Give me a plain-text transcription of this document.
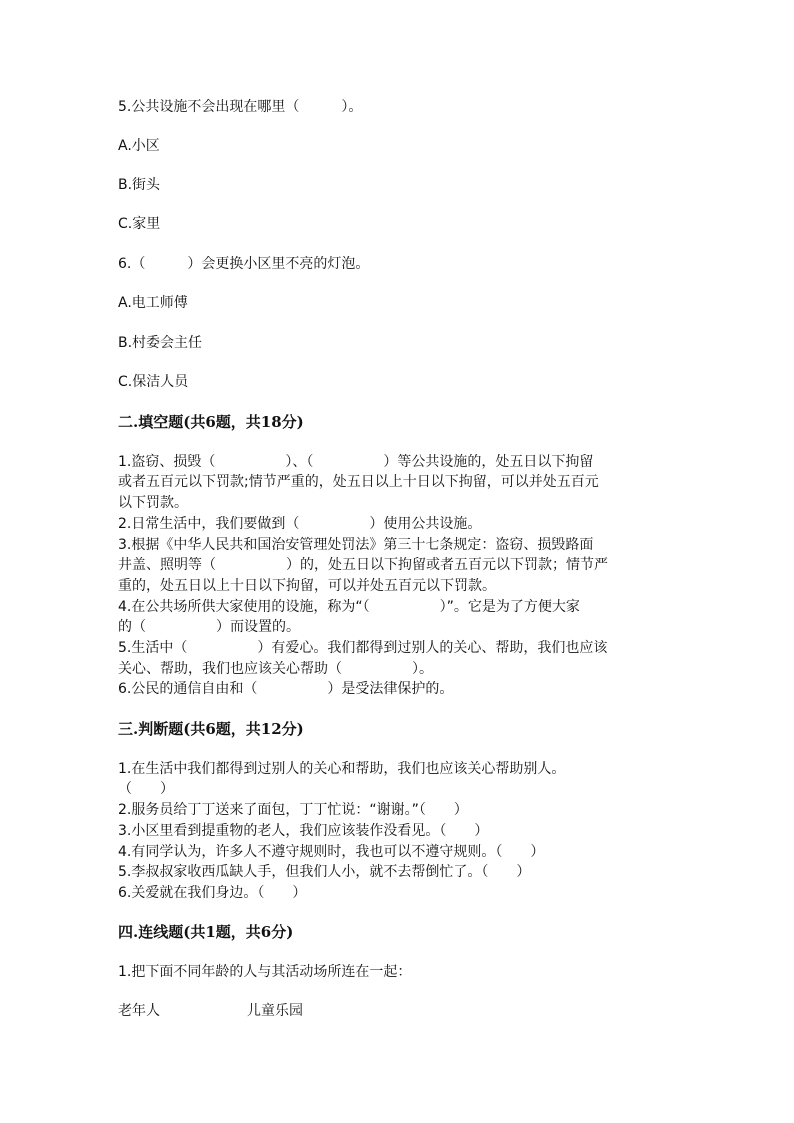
5.公共设施不会出现在哪里（　　　）。
A.小区
B.街头
C.家里
6.（　　　）会更换小区里不亮的灯泡。
A.电工师傅
B.村委会主任
C.保洁人员
二.填空题(共6题，共18分)
1.盗窃、损毁（　　　　　）、（　　　　　）等公共设施的，处五日以下拘留
或者五百元以下罚款;情节严重的，处五日以上十日以下拘留，可以并处五百元
以下罚款。
2.日常生活中，我们要做到（　　　　　）使用公共设施。
3.根据《中华人民共和国治安管理处罚法》第三十七条规定：盗窃、损毁路面
井盖、照明等（　　　　　）的，处五日以下拘留或者五百元以下罚款；情节严
重的，处五日以上十日以下拘留，可以并处五百元以下罚款。
4.在公共场所供大家使用的设施，称为“（　　　　　）”。它是为了方便大家
的（　　　　　）而设置的。
5.生活中（　　　　　）有爱心。我们都得到过别人的关心、帮助，我们也应该
关心、帮助，我们也应该关心帮助（　　　　　）。
6.公民的通信自由和（　　　　　）是受法律保护的。
三.判断题(共6题，共12分)
1.在生活中我们都得到过别人的关心和帮助，我们也应该关心帮助别人。
（　　）
2.服务员给丁丁送来了面包，丁丁忙说：“谢谢。”（　　）
3.小区里看到提重物的老人，我们应该装作没看见。（　　）
4.有同学认为，许多人不遵守规则时，我也可以不遵守规则。（　　）
5.李叔叔家收西瓜缺人手，但我们人小，就不去帮倒忙了。（　　）
6.关爱就在我们身边。（　　）
四.连线题(共1题，共6分)
1.把下面不同年龄的人与其活动场所连在一起：
老年人	儿童乐园
